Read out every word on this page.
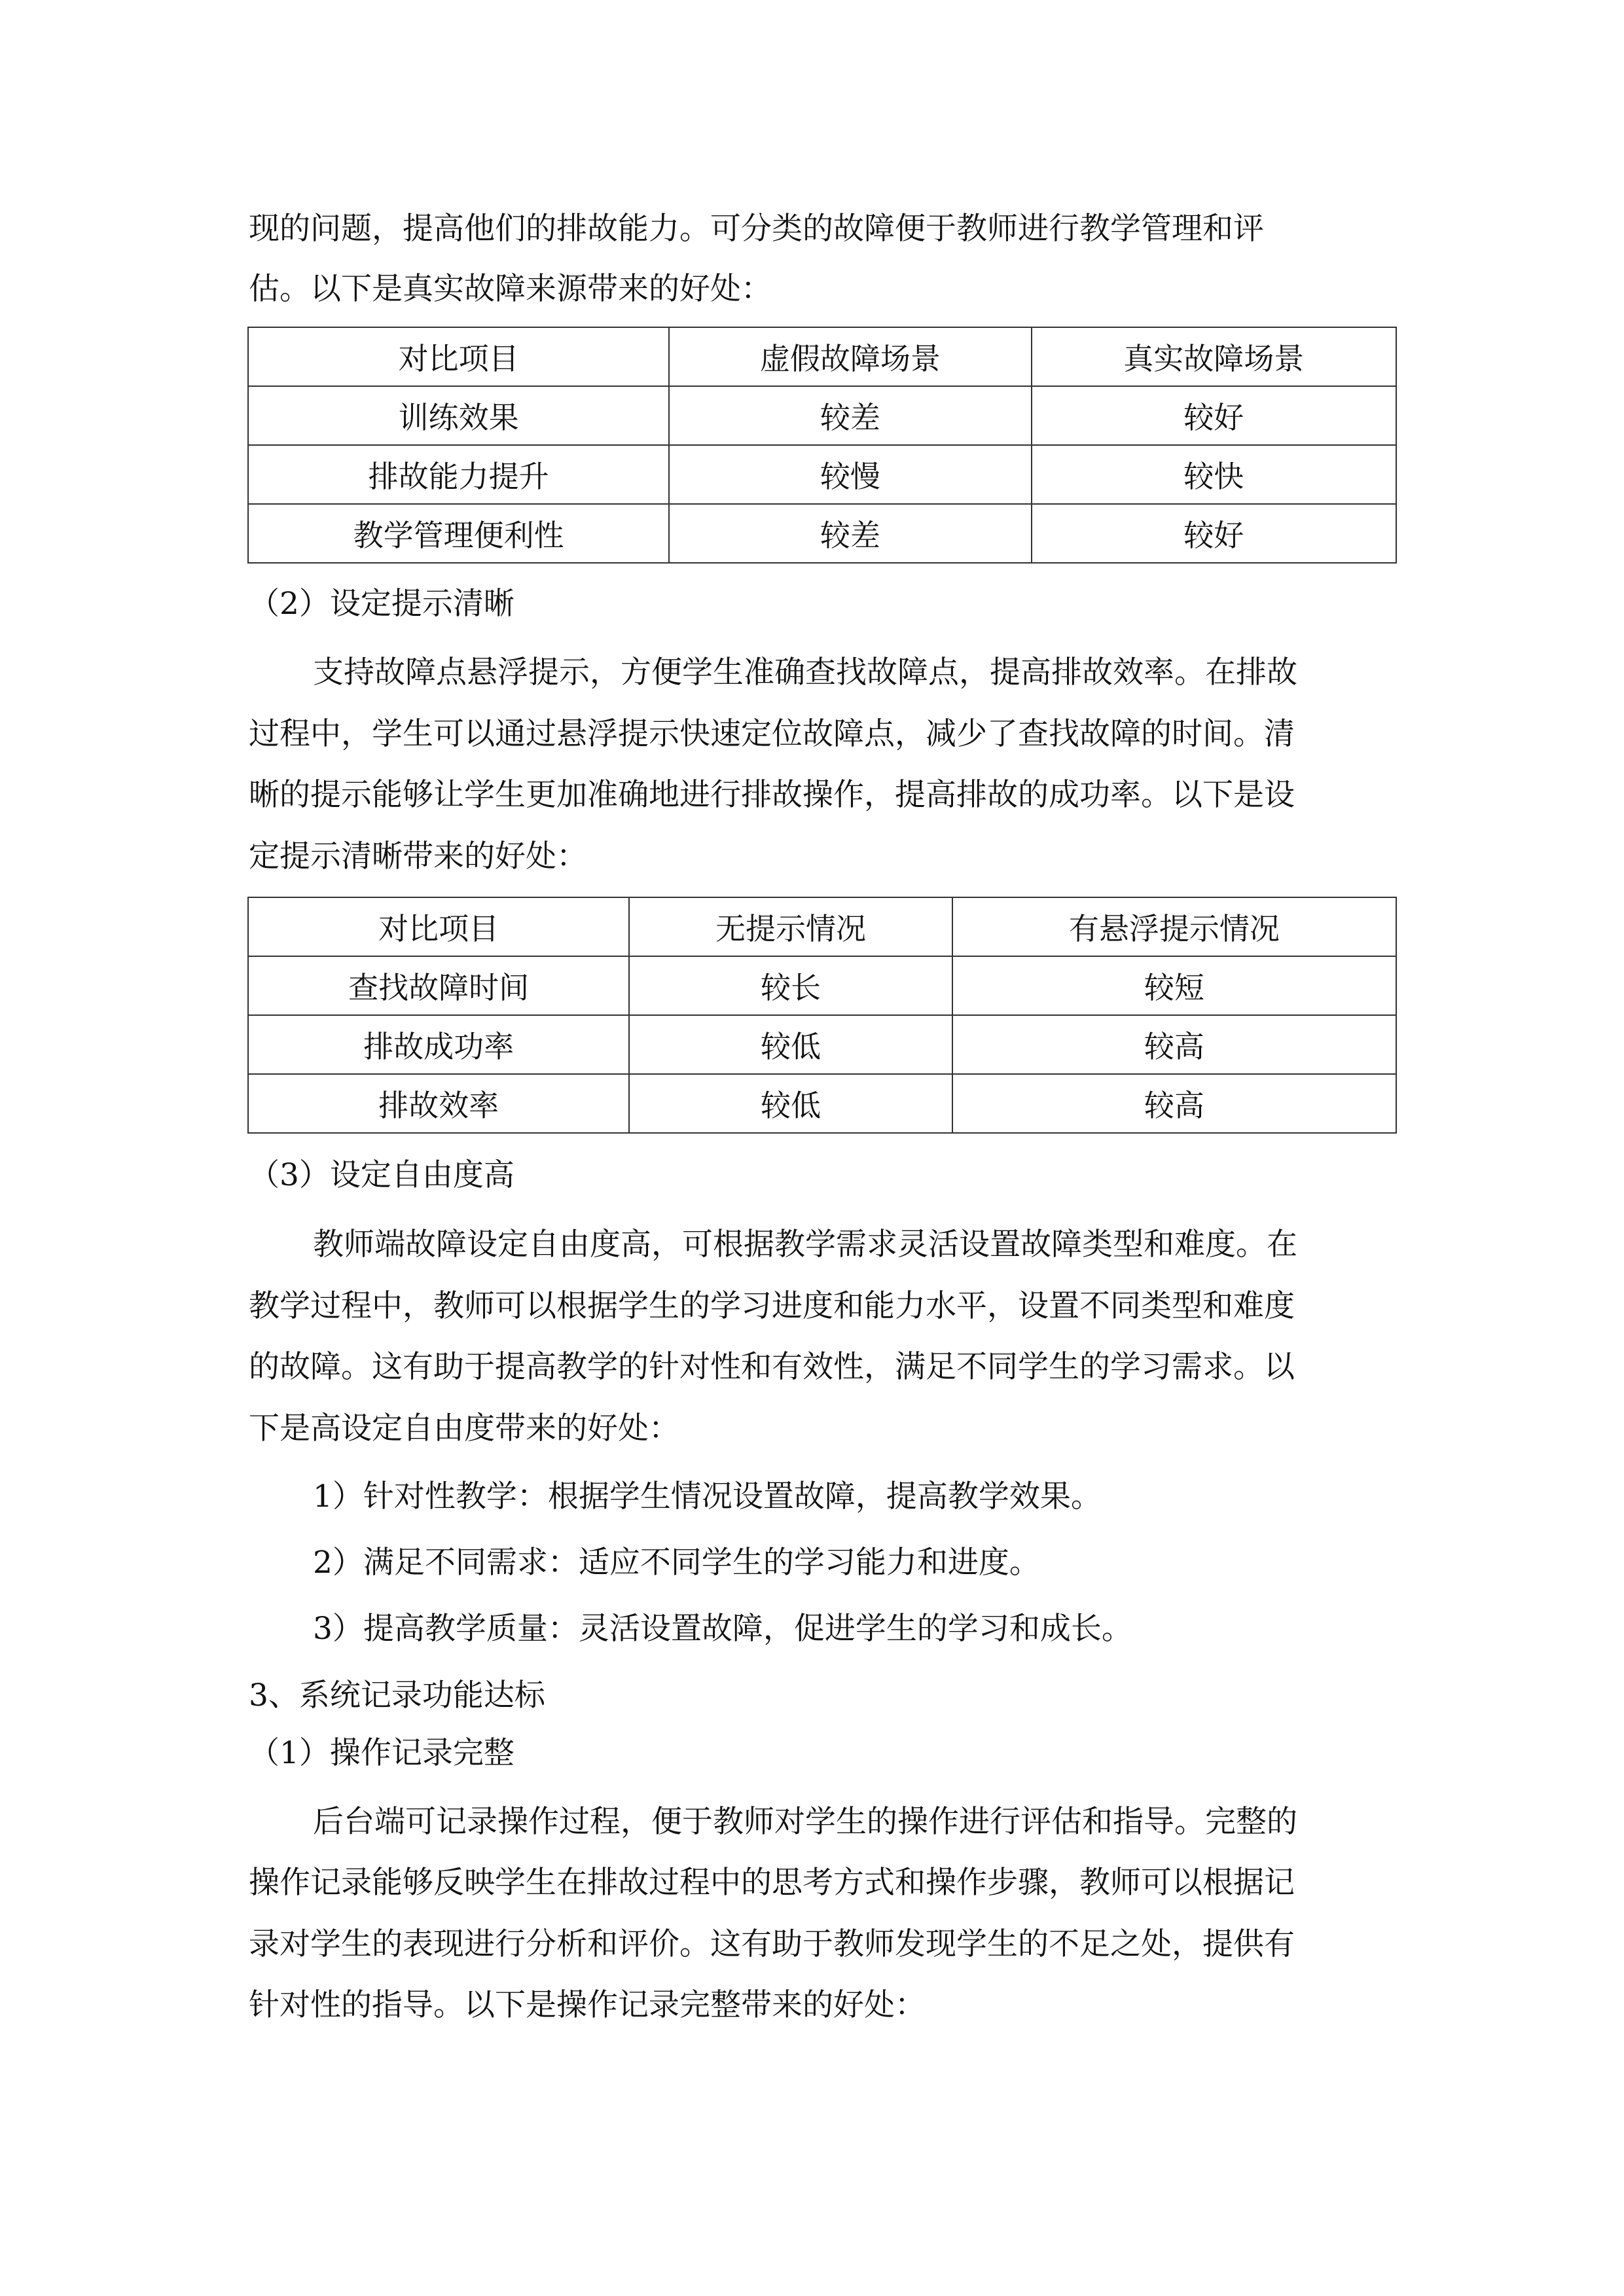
现的问题，提高他们的排故能力。可分类的故障便于教师进行教学管理和评

估。以下是真实故障来源带来的好处：

对比项目	虚假故障场景	真实故障场景
训练效果	较差	较好
排故能力提升	较慢	较快
教学管理便利性	较差	较好

（2）设定提示清晰

支持故障点悬浮提示，方便学生准确查找故障点，提高排故效率。在排故

过程中，学生可以通过悬浮提示快速定位故障点，减少了查找故障的时间。清

晰的提示能够让学生更加准确地进行排故操作，提高排故的成功率。以下是设

定提示清晰带来的好处：

对比项目	无提示情况	有悬浮提示情况
查找故障时间	较长	较短
排故成功率	较低	较高
排故效率	较低	较高

（3）设定自由度高

教师端故障设定自由度高，可根据教学需求灵活设置故障类型和难度。在

教学过程中，教师可以根据学生的学习进度和能力水平，设置不同类型和难度

的故障。这有助于提高教学的针对性和有效性，满足不同学生的学习需求。以

下是高设定自由度带来的好处：

1）针对性教学：根据学生情况设置故障，提高教学效果。

2）满足不同需求：适应不同学生的学习能力和进度。

3）提高教学质量：灵活设置故障，促进学生的学习和成长。

3、系统记录功能达标

（1）操作记录完整

后台端可记录操作过程，便于教师对学生的操作进行评估和指导。完整的

操作记录能够反映学生在排故过程中的思考方式和操作步骤，教师可以根据记

录对学生的表现进行分析和评价。这有助于教师发现学生的不足之处，提供有

针对性的指导。以下是操作记录完整带来的好处：
